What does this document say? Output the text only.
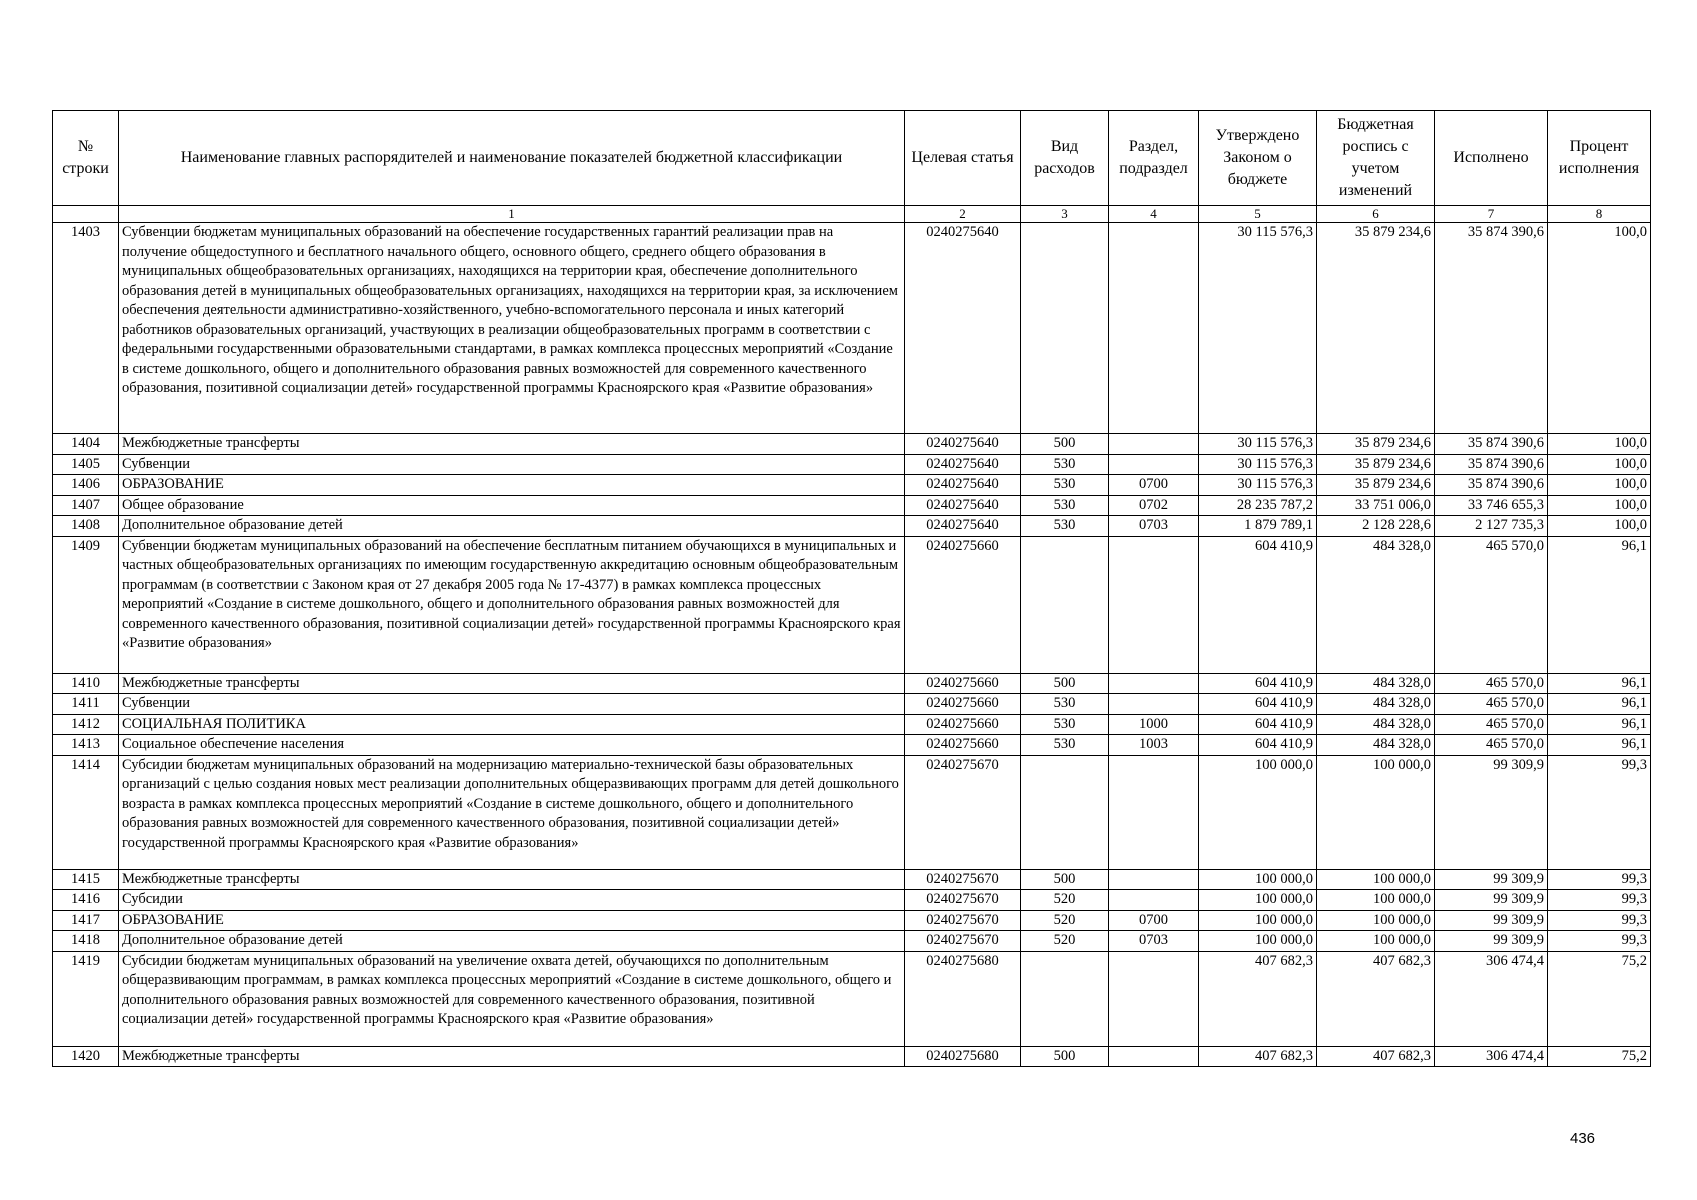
№ строки	Наименование главных распорядителей и наименование показателей бюджетной классификации	Целевая статья	Вид расходов	Раздел, подраздел	Утверждено Законом о бюджете	Бюджетная роспись с учетом изменений	Исполнено	Процент исполнения
	1	2	3	4	5	6	7	8
1403	Субвенции бюджетам муниципальных образований на обеспечение государственных гарантий реализации прав на получение общедоступного и бесплатного начального общего, основного общего, среднего общего образования в муниципальных общеобразовательных организациях, находящихся на территории края, обеспечение дополнительного образования детей в муниципальных общеобразовательных организациях, находящихся на территории края, за исключением обеспечения деятельности административно-хозяйственного, учебно-вспомогательного персонала и иных категорий работников образовательных организаций, участвующих в реализации общеобразовательных программ в соответствии с федеральными государственными образовательными стандартами, в рамках комплекса процессных мероприятий «Создание в системе дошкольного, общего и дополнительного образования равных возможностей для современного качественного образования, позитивной социализации детей» государственной программы Красноярского края «Развитие образования»	0240275640			30 115 576,3	35 879 234,6	35 874 390,6	100,0
1404	Межбюджетные трансферты	0240275640	500		30 115 576,3	35 879 234,6	35 874 390,6	100,0
1405	Субвенции	0240275640	530		30 115 576,3	35 879 234,6	35 874 390,6	100,0
1406	ОБРАЗОВАНИЕ	0240275640	530	0700	30 115 576,3	35 879 234,6	35 874 390,6	100,0
1407	Общее образование	0240275640	530	0702	28 235 787,2	33 751 006,0	33 746 655,3	100,0
1408	Дополнительное образование детей	0240275640	530	0703	1 879 789,1	2 128 228,6	2 127 735,3	100,0
1409	Субвенции бюджетам муниципальных образований на обеспечение бесплатным питанием обучающихся в муниципальных и частных общеобразовательных организациях по имеющим государственную аккредитацию основным общеобразовательным программам (в соответствии с Законом края от 27 декабря 2005 года № 17-4377) в рамках комплекса процессных мероприятий «Создание в системе дошкольного, общего и дополнительного образования равных возможностей для современного качественного образования, позитивной социализации детей» государственной программы Красноярского края «Развитие образования»	0240275660			604 410,9	484 328,0	465 570,0	96,1
1410	Межбюджетные трансферты	0240275660	500		604 410,9	484 328,0	465 570,0	96,1
1411	Субвенции	0240275660	530		604 410,9	484 328,0	465 570,0	96,1
1412	СОЦИАЛЬНАЯ ПОЛИТИКА	0240275660	530	1000	604 410,9	484 328,0	465 570,0	96,1
1413	Социальное обеспечение населения	0240275660	530	1003	604 410,9	484 328,0	465 570,0	96,1
1414	Субсидии бюджетам муниципальных образований на модернизацию материально-технической базы образовательных организаций с целью создания новых мест реализации дополнительных общеразвивающих программ для детей дошкольного возраста в рамках комплекса процессных мероприятий «Создание в системе дошкольного, общего и дополнительного образования равных возможностей для современного качественного образования, позитивной социализации детей» государственной программы Красноярского края «Развитие образования»	0240275670			100 000,0	100 000,0	99 309,9	99,3
1415	Межбюджетные трансферты	0240275670	500		100 000,0	100 000,0	99 309,9	99,3
1416	Субсидии	0240275670	520		100 000,0	100 000,0	99 309,9	99,3
1417	ОБРАЗОВАНИЕ	0240275670	520	0700	100 000,0	100 000,0	99 309,9	99,3
1418	Дополнительное образование детей	0240275670	520	0703	100 000,0	100 000,0	99 309,9	99,3
1419	Субсидии бюджетам муниципальных образований на увеличение охвата детей, обучающихся по дополнительным общеразвивающим программам, в рамках комплекса процессных мероприятий «Создание в системе дошкольного, общего и дополнительного образования равных возможностей для современного качественного образования, позитивной социализации детей» государственной программы Красноярского края «Развитие образования»	0240275680			407 682,3	407 682,3	306 474,4	75,2
1420	Межбюджетные трансферты	0240275680	500		407 682,3	407 682,3	306 474,4	75,2
436
